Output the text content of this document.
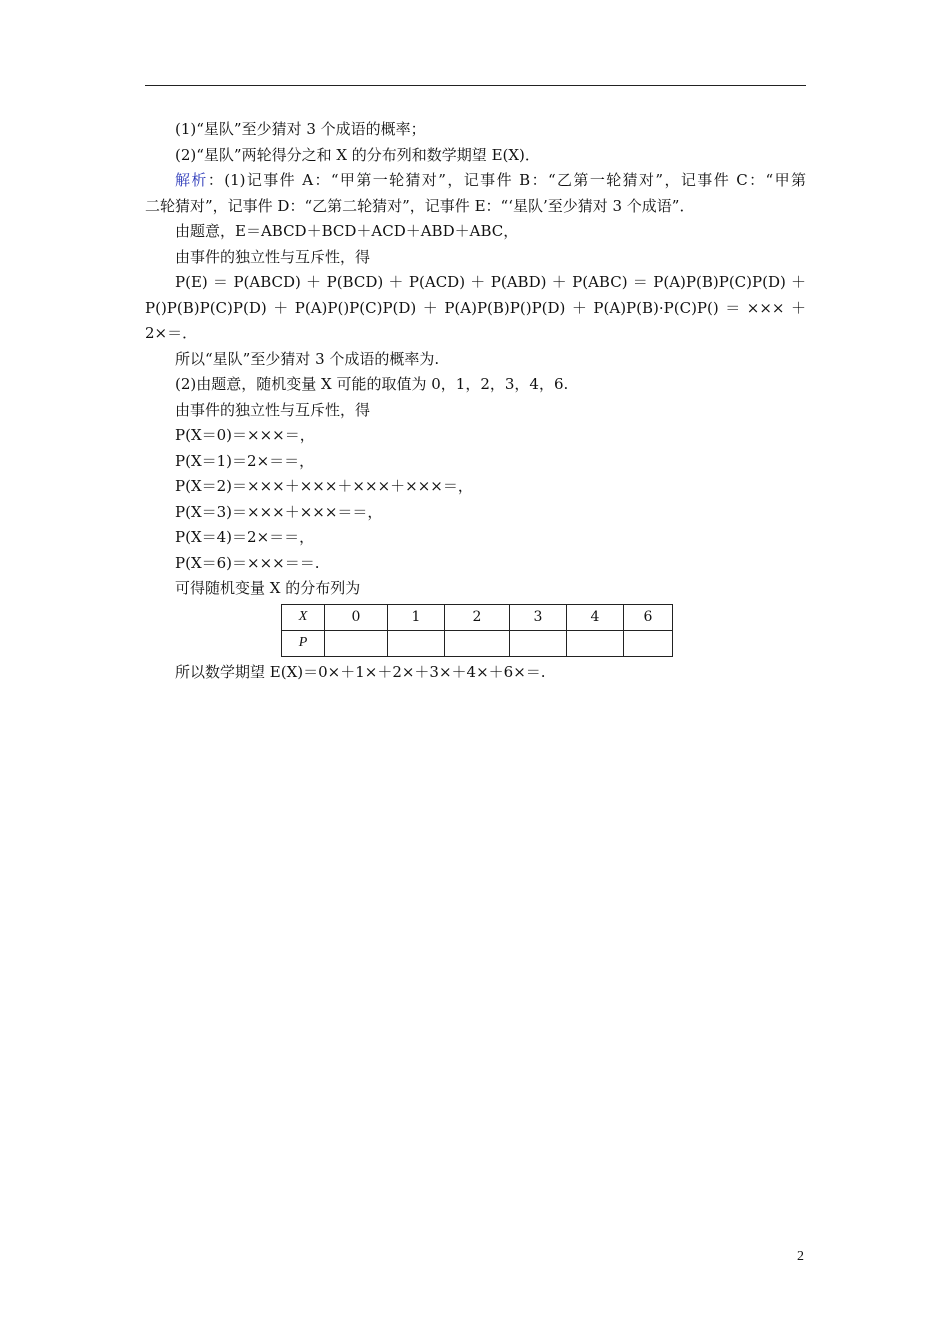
(1)“星队”至少猜对 3 个成语的概率；
(2)“星队”两轮得分之和 X 的分布列和数学期望 E(X)．
解析：(1)记事件 A：“甲第一轮猜对”，记事件 B：“乙第一轮猜对”，记事件 C：“甲第
二轮猜对”，记事件 D：“乙第二轮猜对”，记事件 E：“‘星队’至少猜对 3 个成语”．
由题意，E＝ABCD＋BCD＋ACD＋ABD＋ABC，
由事件的独立性与互斥性，得
P(E) ＝ P(ABCD) ＋ P(BCD) ＋ P(ACD) ＋ P(ABD) ＋ P(ABC) ＝ P(A)P(B)P(C)P(D) ＋
P()P(B)P(C)P(D)＋P(A)P()P(C)P(D)＋P(A)P(B)P()P(D)＋P(A)P(B)·P(C)P()＝×××＋
2×＝．
所以“星队”至少猜对 3 个成语的概率为.
(2)由题意，随机变量 X 可能的取值为 0，1，2，3，4，6.
由事件的独立性与互斥性，得
P(X＝0)＝×××＝，
P(X＝1)＝2×＝＝，
P(X＝2)＝×××＋×××＋×××＋×××＝，
P(X＝3)＝×××＋×××＝＝，
P(X＝4)＝2×＝＝，
P(X＝6)＝×××＝＝.
可得随机变量 X 的分布列为
X	0	1	2	3	4	6
P						
所以数学期望 E(X)＝0×＋1×＋2×＋3×＋4×＋6×＝.
2
